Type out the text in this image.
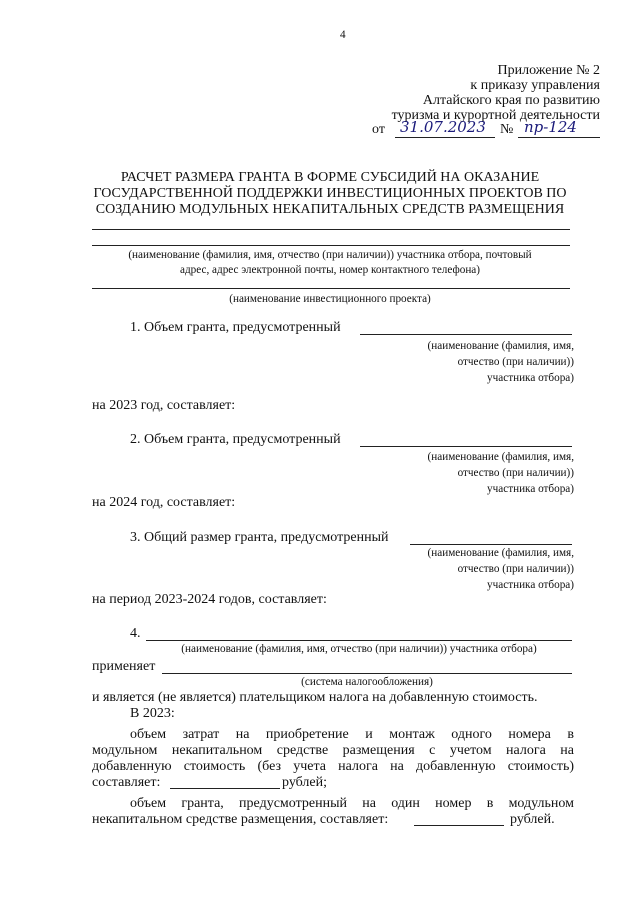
4
Приложение № 2
к приказу управления
Алтайского края по развитию
туризма и курортной деятельности
от 31.07.2023 № пр-124
РАСЧЕТ РАЗМЕРА ГРАНТА В ФОРМЕ СУБСИДИЙ НА ОКАЗАНИЕ
ГОСУДАРСТВЕННОЙ ПОДДЕРЖКИ ИНВЕСТИЦИОННЫХ ПРОЕКТОВ ПО
СОЗДАНИЮ МОДУЛЬНЫХ НЕКАПИТАЛЬНЫХ СРЕДСТВ РАЗМЕЩЕНИЯ
(наименование (фамилия, имя, отчество (при наличии)) участника отбора, почтовый
адрес, адрес электронной почты, номер контактного телефона)
(наименование инвестиционного проекта)
1. Объем гранта, предусмотренный
(наименование (фамилия, имя,
отчество (при наличии))
участника отбора)
на 2023 год, составляет:
2. Объем гранта, предусмотренный
(наименование (фамилия, имя,
отчество (при наличии))
участника отбора)
на 2024 год, составляет:
3. Общий размер гранта, предусмотренный
(наименование (фамилия, имя,
отчество (при наличии))
участника отбора)
на период 2023-2024 годов, составляет:
4.
(наименование (фамилия, имя, отчество (при наличии)) участника отбора)
применяет
(система налогообложения)
и является (не является) плательщиком налога на добавленную стоимость.
В 2023:
объем затрат на приобретение и монтаж одного номера в
модульном некапитальном средстве размещения с учетом налога на
добавленную стоимость (без учета налога на добавленную стоимость)
составляет:	рублей;
объем гранта, предусмотренный на один номер в модульном
некапитальном средстве размещения, составляет:	рублей.
